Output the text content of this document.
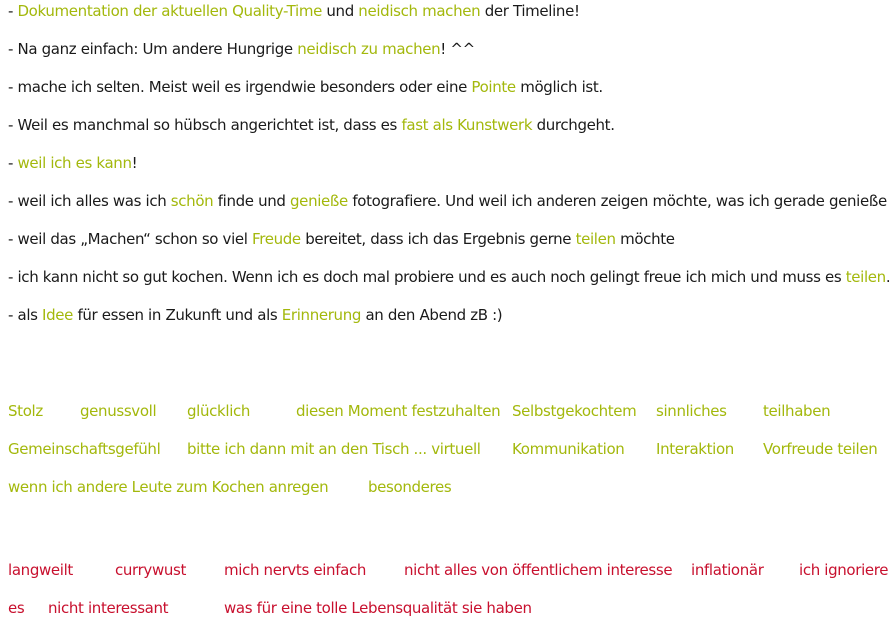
- Dokumentation der aktuellen Quality-Time und neidisch machen der Timeline!
- Na ganz einfach: Um andere Hungrige neidisch zu machen! ^^
- mache ich selten. Meist weil es irgendwie besonders oder eine Pointe möglich ist.
- Weil es manchmal so hübsch angerichtet ist, dass es fast als Kunstwerk durchgeht.
- weil ich es kann!
- weil ich alles was ich schön finde und genieße fotografiere. Und weil ich anderen zeigen möchte, was ich gerade genieße
- weil das „Machen“ schon so viel Freude bereitet, dass ich das Ergebnis gerne teilen möchte
- ich kann nicht so gut kochen. Wenn ich es doch mal probiere und es auch noch gelingt freue ich mich und muss es teilen.
- als Idee für essen in Zukunft und als Erinnerung an den Abend zB :)
Stolz genussvoll glücklich	diesen Moment festzuhalten Selbstgekochtem sinnliches teilhaben
Gemeinschaftsgefühl bitte ich dann mit an den Tisch ... virtuell Kommunikation Interaktion Vorfreude teilen
wenn ich andere Leute zum Kochen anregen	besonderes
langweilt	currywust	mich nervts einfach	nicht alles von öffentlichem interesse inflationär ich ignoriere
es nicht interessant	was für eine tolle Lebensqualität sie haben
